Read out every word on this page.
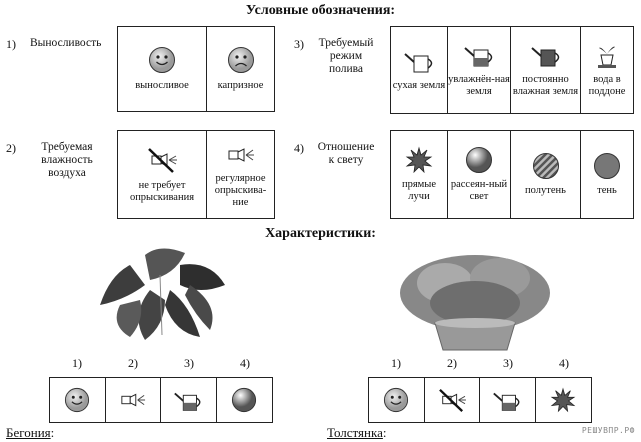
Условные обозначения:
1) Выносливость
выносливое	капризное
3) Требуемый режим полива
сухая земля
увлажнён-ная земля
постоянно влажная земля
вода в поддоне
2)	Требуемая влажность воздуха
не требует опрыскивания
регулярное опрыскива-ние
4) Отношение к свету
прямые лучи
рассеян-ный свет
полутень	тень
Характеристики:
1)	2)	3)	4)
Бегония:
1)	2)	3)	4)
Толстянка:	РЕШУВПР.РФ
